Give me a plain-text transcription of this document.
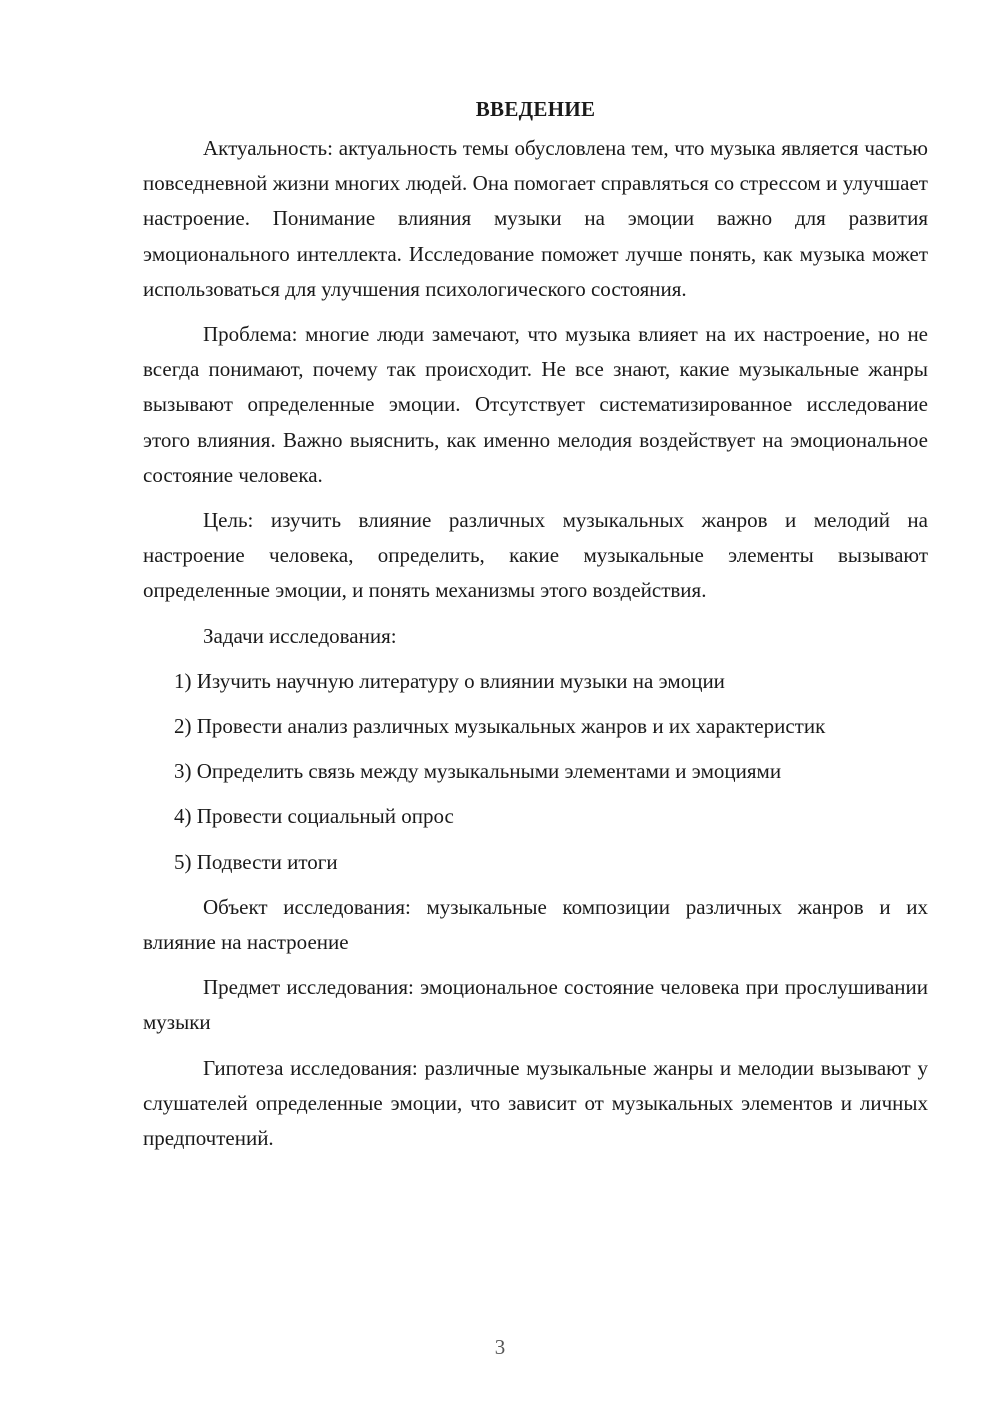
ВВЕДЕНИЕ

Актуальность: актуальность темы обусловлена тем, что музыка является частью повседневной жизни многих людей. Она помогает справляться со стрессом и улучшает настроение. Понимание влияния музыки на эмоции важно для развития эмоционального интеллекта. Исследование поможет лучше понять, как музыка может использоваться для улучшения психологического состояния.

Проблема: многие люди замечают, что музыка влияет на их настроение, но не всегда понимают, почему так происходит. Не все знают, какие музыкальные жанры вызывают определенные эмоции. Отсутствует систематизированное исследование этого влияния. Важно выяснить, как именно мелодия воздействует на эмоциональное состояние человека.

Цель: изучить влияние различных музыкальных жанров и мелодий на настроение человека, определить, какие музыкальные элементы вызывают определенные эмоции, и понять механизмы этого воздействия.

Задачи исследования:

1) Изучить научную литературу о влиянии музыки на эмоции

2) Провести анализ различных музыкальных жанров и их характеристик

3) Определить связь между музыкальными элементами и эмоциями

4) Провести социальный опрос

5) Подвести итоги

Объект исследования: музыкальные композиции различных жанров и их влияние на настроение

Предмет исследования: эмоциональное состояние человека при прослушивании музыки

Гипотеза исследования: различные музыкальные жанры и мелодии вызывают у слушателей определенные эмоции, что зависит от музыкальных элементов и личных предпочтений.

3
